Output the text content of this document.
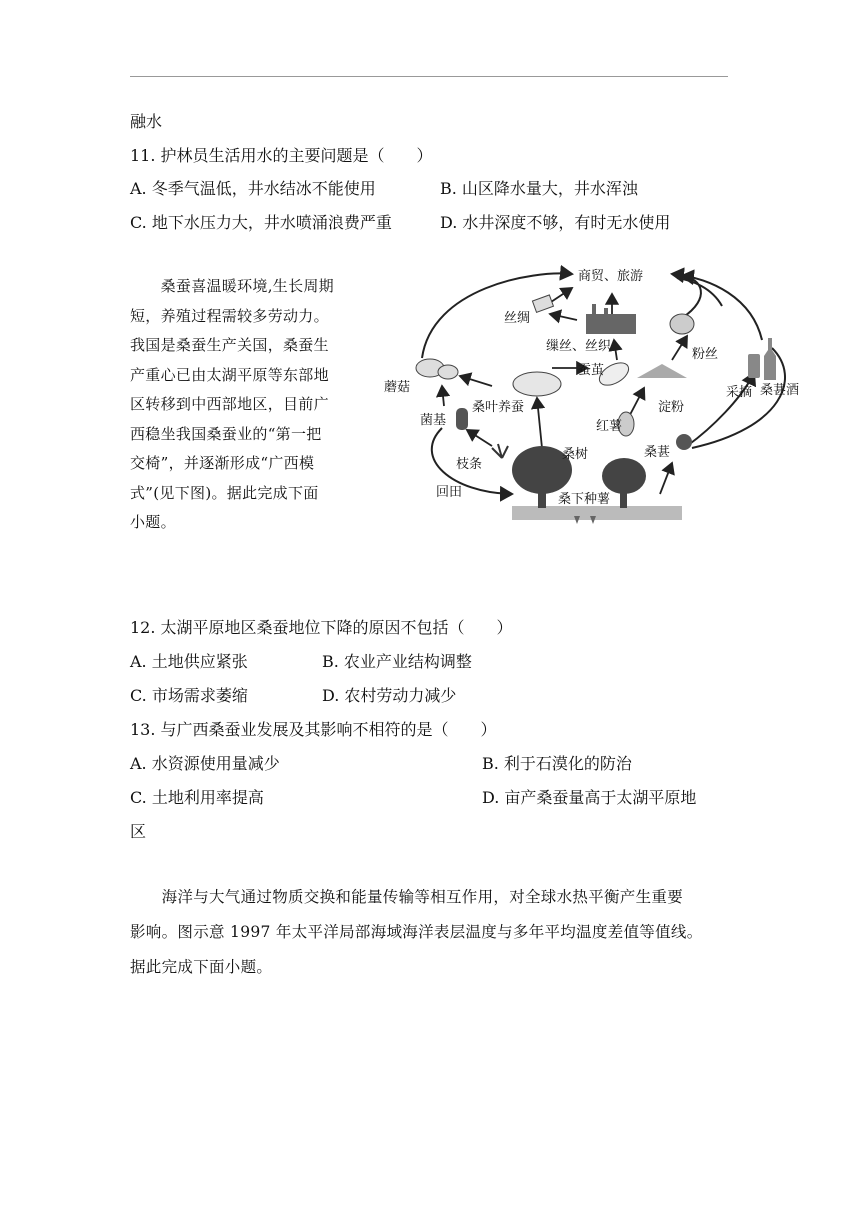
融水
11. 护林员生活用水的主要问题是（　　）
A. 冬季气温低，井水结冰不能使用	B. 山区降水量大，井水浑浊
C. 地下水压力大，井水喷涌浪费严重	D. 水井深度不够，有时无水使用
　　桑蚕喜温暖环境,生长周期
短，养殖过程需较多劳动力。
我国是桑蚕生产关国，桑蚕生
产重心已由太湖平原等东部地
区转移到中西部地区，目前广
西稳坐我国桑蚕业的“第一把
交椅”，并逐渐形成“广西模
式”(见下图)。据此完成下面
小题。
商贸、旅游
丝绸
缫丝、丝织
蚕茧
粉丝
蘑菇
桑叶养蚕	淀粉
采摘 桑葚酒
菌基	红薯
桑树	桑葚
枝条
回田	桑下种薯
12. 太湖平原地区桑蚕地位下降的原因不包括（　　）
A. 土地供应紧张	B. 农业产业结构调整
C. 市场需求萎缩	D. 农村劳动力减少
13. 与广西桑蚕业发展及其影响不相符的是（　　）
A. 水资源使用量减少	B. 利于石漠化的防治
C. 土地利用率提高	D. 亩产桑蚕量高于太湖平原地
区
　　海洋与大气通过物质交换和能量传输等相互作用，对全球水热平衡产生重要
影响。图示意 1997 年太平洋局部海域海洋表层温度与多年平均温度差值等值线。
据此完成下面小题。
